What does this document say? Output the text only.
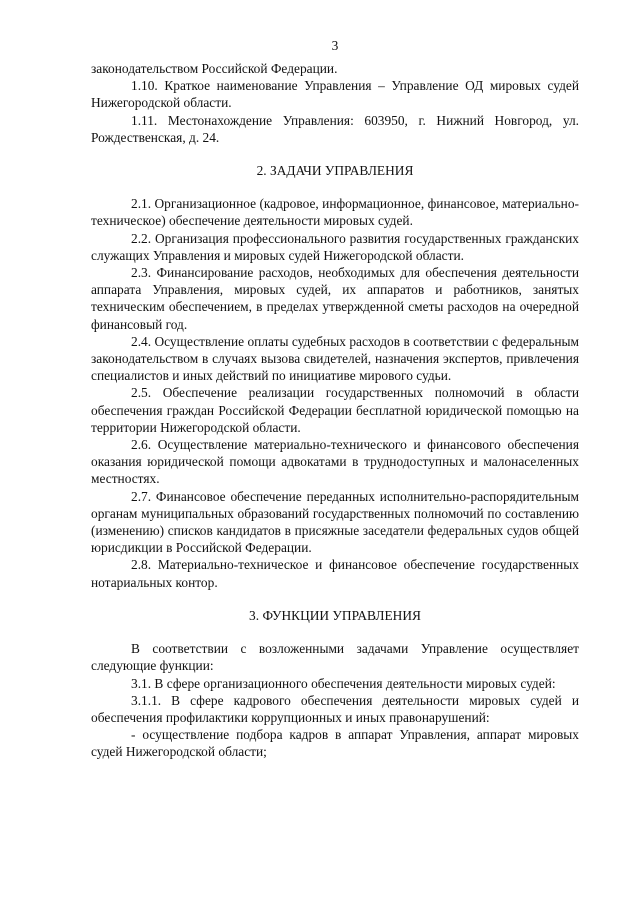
3

законодательством Российской Федерации.

1.10. Краткое наименование Управления – Управление ОД мировых судей Нижегородской области.

1.11. Местонахождение Управления: 603950, г. Нижний Новгород, ул. Рождественская, д. 24.

2. ЗАДАЧИ УПРАВЛЕНИЯ

2.1. Организационное (кадровое, информационное, финансовое, материально-техническое) обеспечение деятельности мировых судей.

2.2. Организация профессионального развития государственных гражданских служащих Управления и мировых судей Нижегородской области.

2.3. Финансирование расходов, необходимых для обеспечения деятельности аппарата Управления, мировых судей, их аппаратов и работников, занятых техническим обеспечением, в пределах утвержденной сметы расходов на очередной финансовый год.

2.4. Осуществление оплаты судебных расходов в соответствии с федеральным законодательством в случаях вызова свидетелей, назначения экспертов, привлечения специалистов и иных действий по инициативе мирового судьи.

2.5. Обеспечение реализации государственных полномочий в области обеспечения граждан Российской Федерации бесплатной юридической помощью на территории Нижегородской области.

2.6. Осуществление материально-технического и финансового обеспечения оказания юридической помощи адвокатами в труднодоступных и малонаселенных местностях.

2.7. Финансовое обеспечение переданных исполнительно-распорядительным органам муниципальных образований государственных полномочий по составлению (изменению) списков кандидатов в присяжные заседатели федеральных судов общей юрисдикции в Российской Федерации.

2.8. Материально-техническое и финансовое обеспечение государственных нотариальных контор.

3. ФУНКЦИИ УПРАВЛЕНИЯ

В соответствии с возложенными задачами Управление осуществляет следующие функции:

3.1. В сфере организационного обеспечения деятельности мировых судей:

3.1.1. В сфере кадрового обеспечения деятельности мировых судей и обеспечения профилактики коррупционных и иных правонарушений:

- осуществление подбора кадров в аппарат Управления, аппарат мировых судей Нижегородской области;
